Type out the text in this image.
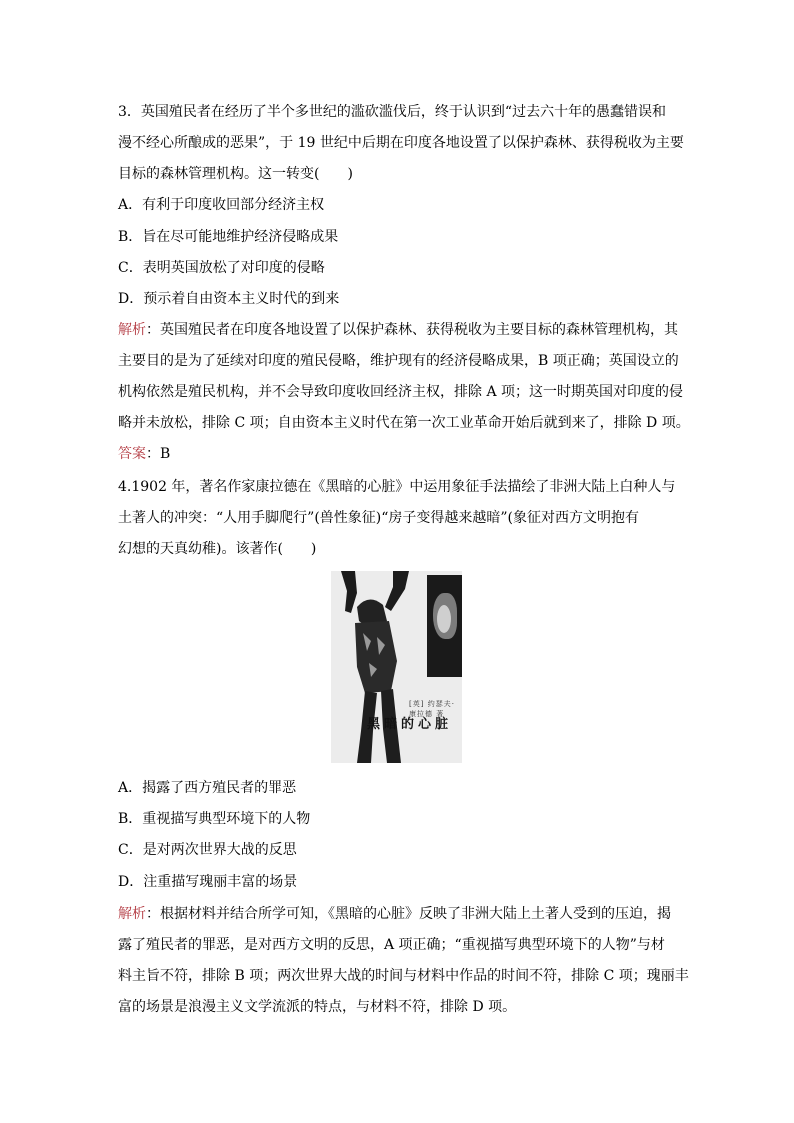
3．英国殖民者在经历了半个多世纪的滥砍滥伐后，终于认识到“过去六十年的愚蠢错误和
漫不经心所酿成的恶果”，于 19 世纪中后期在印度各地设置了以保护森林、获得税收为主要
目标的森林管理机构。这一转变(　　)
A．有利于印度收回部分经济主权
B．旨在尽可能地维护经济侵略成果
C．表明英国放松了对印度的侵略
D．预示着自由资本主义时代的到来
解析：英国殖民者在印度各地设置了以保护森林、获得税收为主要目标的森林管理机构，其
主要目的是为了延续对印度的殖民侵略，维护现有的经济侵略成果，B 项正确；英国设立的
机构依然是殖民机构，并不会导致印度收回经济主权，排除 A 项；这一时期英国对印度的侵
略并未放松，排除 C 项；自由资本主义时代在第一次工业革命开始后就到来了，排除 D 项。
答案：B
4.1902 年，著名作家康拉德在《黑暗的心脏》中运用象征手法描绘了非洲大陆上白种人与
土著人的冲突：“人用手脚爬行”(兽性象征)“房子变得越来越暗”(象征对西方文明抱有
幻想的天真幼稚)。该著作(　　)
[英] 约瑟夫·康拉德 著
黑暗的心脏
A．揭露了西方殖民者的罪恶
B．重视描写典型环境下的人物
C．是对两次世界大战的反思
D．注重描写瑰丽丰富的场景
解析：根据材料并结合所学可知，《黑暗的心脏》反映了非洲大陆上土著人受到的压迫，揭
露了殖民者的罪恶，是对西方文明的反思，A 项正确；“重视描写典型环境下的人物”与材
料主旨不符，排除 B 项；两次世界大战的时间与材料中作品的时间不符，排除 C 项；瑰丽丰
富的场景是浪漫主义文学流派的特点，与材料不符，排除 D 项。
